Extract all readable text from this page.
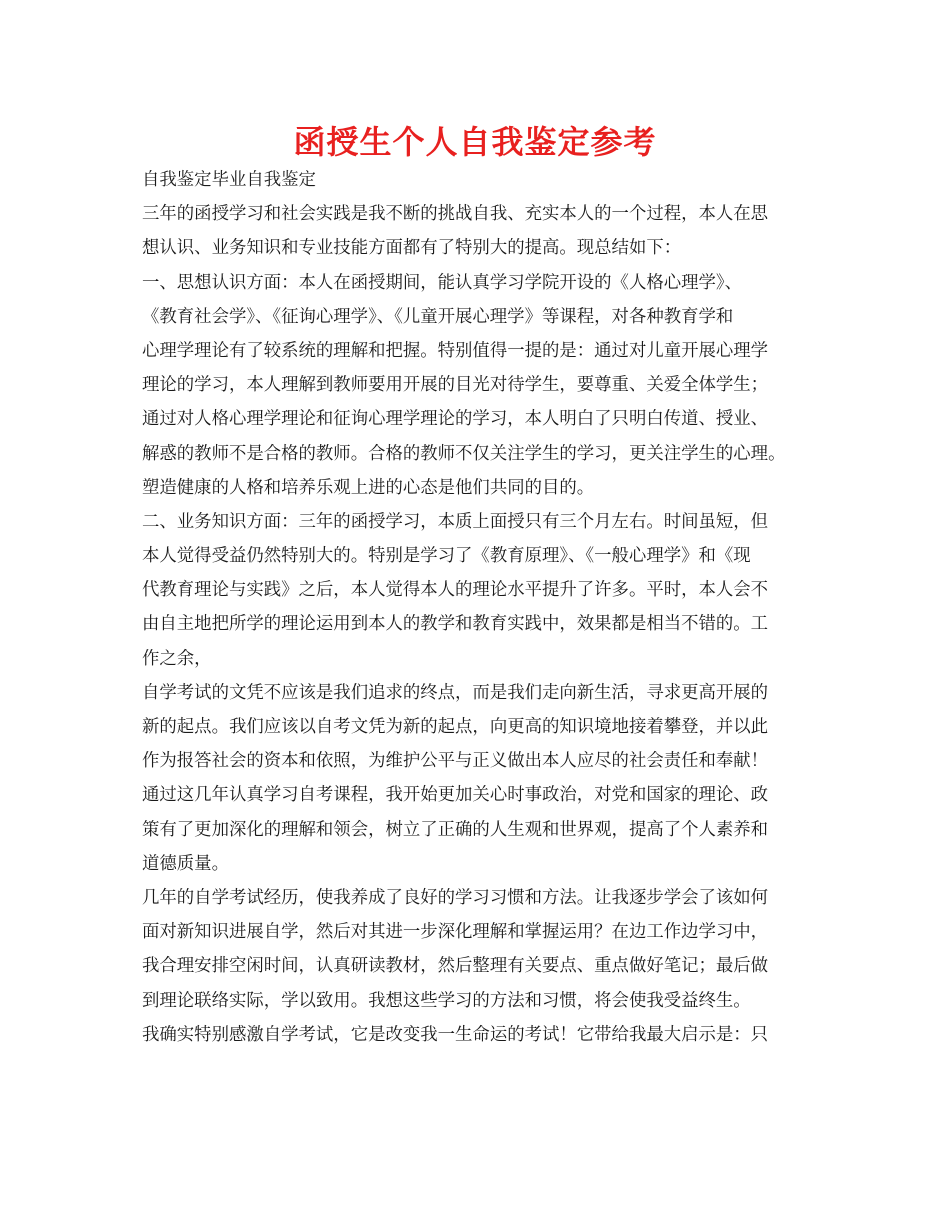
函授生个人自我鉴定参考
自我鉴定毕业自我鉴定
三年的函授学习和社会实践是我不断的挑战自我、充实本人的一个过程，本人在思
想认识、业务知识和专业技能方面都有了特别大的提高。现总结如下：
一、思想认识方面：本人在函授期间，能认真学习学院开设的《人格心理学》、
《教育社会学》、《征询心理学》、《儿童开展心理学》等课程，对各种教育学和
心理学理论有了较系统的理解和把握。特别值得一提的是：通过对儿童开展心理学
理论的学习，本人理解到教师要用开展的目光对待学生，要尊重、关爱全体学生；
通过对人格心理学理论和征询心理学理论的学习，本人明白了只明白传道、授业、
解惑的教师不是合格的教师。合格的教师不仅关注学生的学习，更关注学生的心理。
塑造健康的人格和培养乐观上进的心态是他们共同的目的。
二、业务知识方面：三年的函授学习，本质上面授只有三个月左右。时间虽短，但
本人觉得受益仍然特别大的。特别是学习了《教育原理》、《一般心理学》和《现
代教育理论与实践》之后，本人觉得本人的理论水平提升了许多。平时，本人会不
由自主地把所学的理论运用到本人的教学和教育实践中，效果都是相当不错的。工
作之余，
自学考试的文凭不应该是我们追求的终点，而是我们走向新生活，寻求更高开展的
新的起点。我们应该以自考文凭为新的起点，向更高的知识境地接着攀登，并以此
作为报答社会的资本和依照，为维护公平与正义做出本人应尽的社会责任和奉献！
通过这几年认真学习自考课程，我开始更加关心时事政治，对党和国家的理论、政
策有了更加深化的理解和领会，树立了正确的人生观和世界观，提高了个人素养和
道德质量。
几年的自学考试经历，使我养成了良好的学习习惯和方法。让我逐步学会了该如何
面对新知识进展自学，然后对其进一步深化理解和掌握运用？在边工作边学习中，
我合理安排空闲时间，认真研读教材，然后整理有关要点、重点做好笔记；最后做
到理论联络实际，学以致用。我想这些学习的方法和习惯，将会使我受益终生。
我确实特别感激自学考试，它是改变我一生命运的考试！它带给我最大启示是：只
